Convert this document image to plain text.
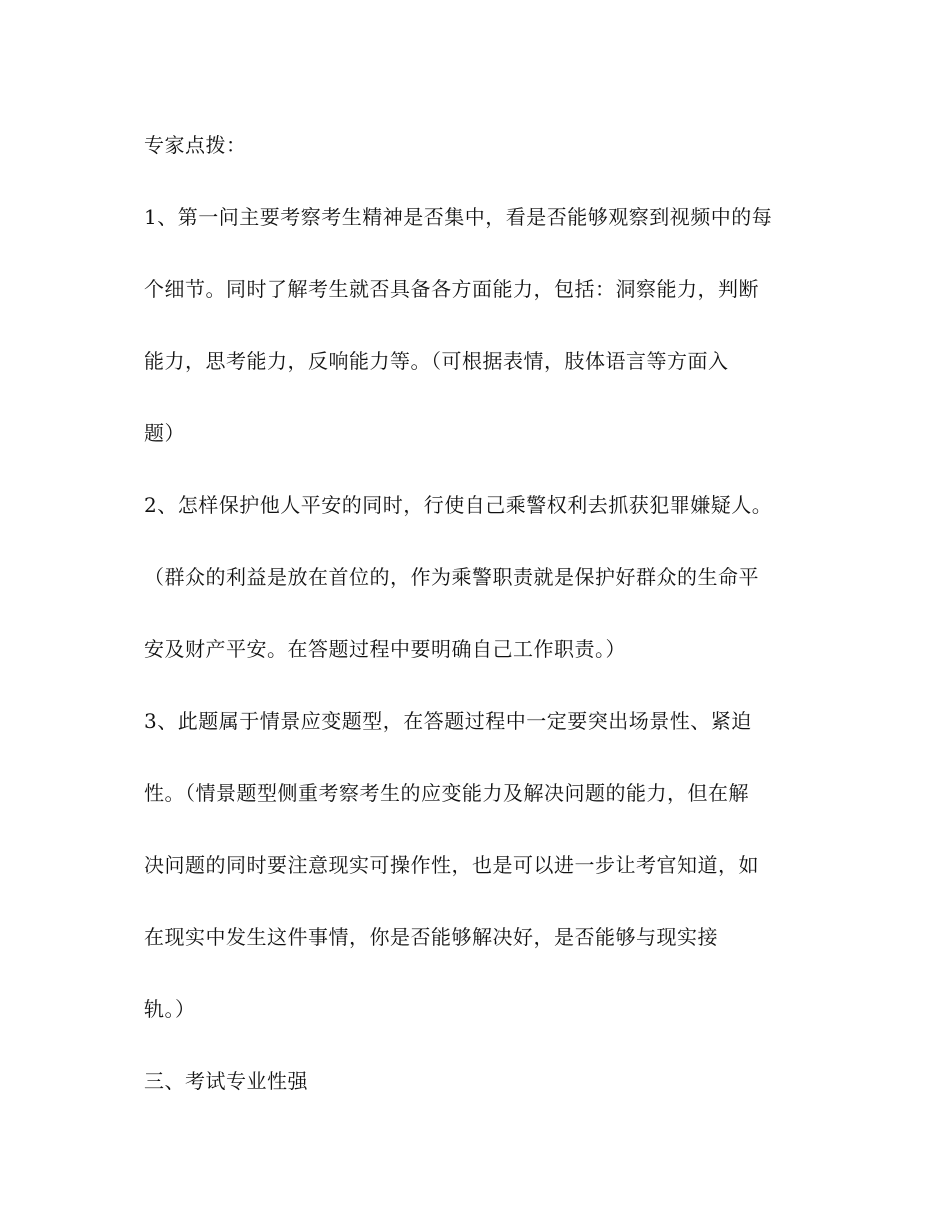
专家点拨：
1、第一问主要考察考生精神是否集中，看是否能够观察到视频中的每
个细节。同时了解考生就否具备各方面能力，包括：洞察能力，判断
能力，思考能力，反响能力等。（可根据表情，肢体语言等方面入
题）
2、怎样保护他人平安的同时，行使自己乘警权利去抓获犯罪嫌疑人。
（群众的利益是放在首位的，作为乘警职责就是保护好群众的生命平
安及财产平安。在答题过程中要明确自己工作职责。）
3、此题属于情景应变题型，在答题过程中一定要突出场景性、紧迫
性。（情景题型侧重考察考生的应变能力及解决问题的能力，但在解
决问题的同时要注意现实可操作性，也是可以进一步让考官知道，如
在现实中发生这件事情，你是否能够解决好，是否能够与现实接
轨。）
三、考试专业性强
